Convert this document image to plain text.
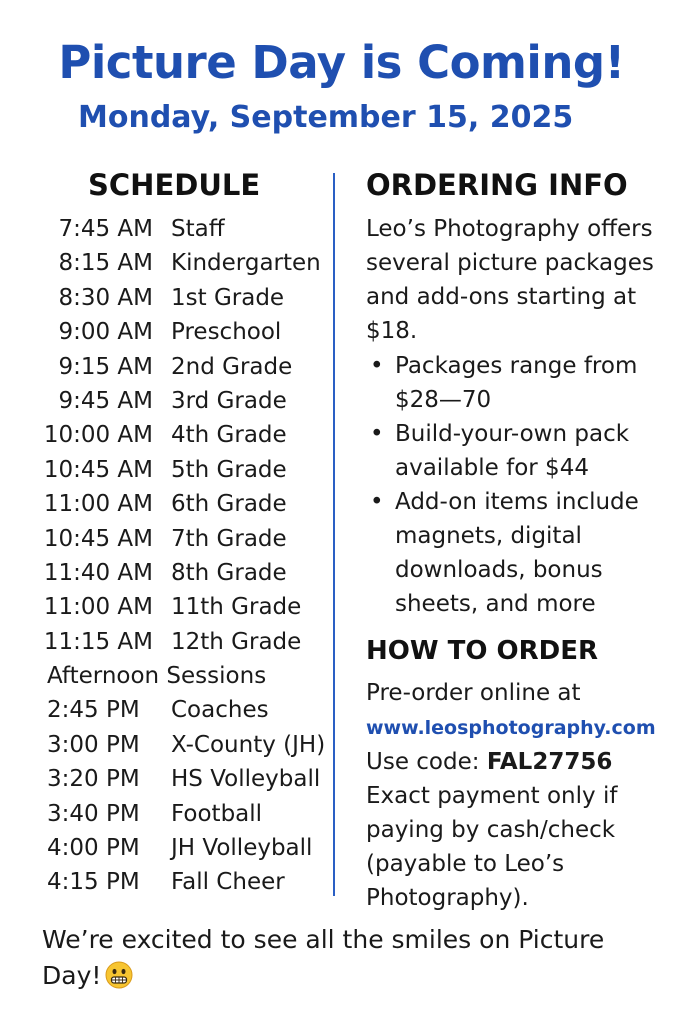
Picture Day is Coming!
Monday, September 15, 2025
SCHEDULE
7:45 AM Staff
8:15 AM Kindergarten
8:30 AM 1st Grade
9:00 AM Preschool
9:15 AM 2nd Grade
9:45 AM 3rd Grade
10:00 AM 4th Grade
10:45 AM 5th Grade
11:00 AM 6th Grade
10:45 AM 7th Grade
11:40 AM 8th Grade
11:00 AM 11th Grade
11:15 AM 12th Grade
Afternoon Sessions
2:45 PM Coaches
3:00 PM X-County (JH)
3:20 PM HS Volleyball
3:40 PM Football
4:00 PM JH Volleyball
4:15 PM Fall Cheer
ORDERING INFO

Leo’s Photography offers several picture packages and add-ons starting at $18.

• Packages range from $28—70
• Build-your-own pack available for $44
• Add-on items include magnets, digital downloads, bonus sheets, and more
HOW TO ORDER

Pre-order online at

www.leosphotography.com

Use code: FAL27756

Exact payment only if paying by cash/check (payable to Leo’s Photography).

We’re excited to see all the smiles on Picture Day!
